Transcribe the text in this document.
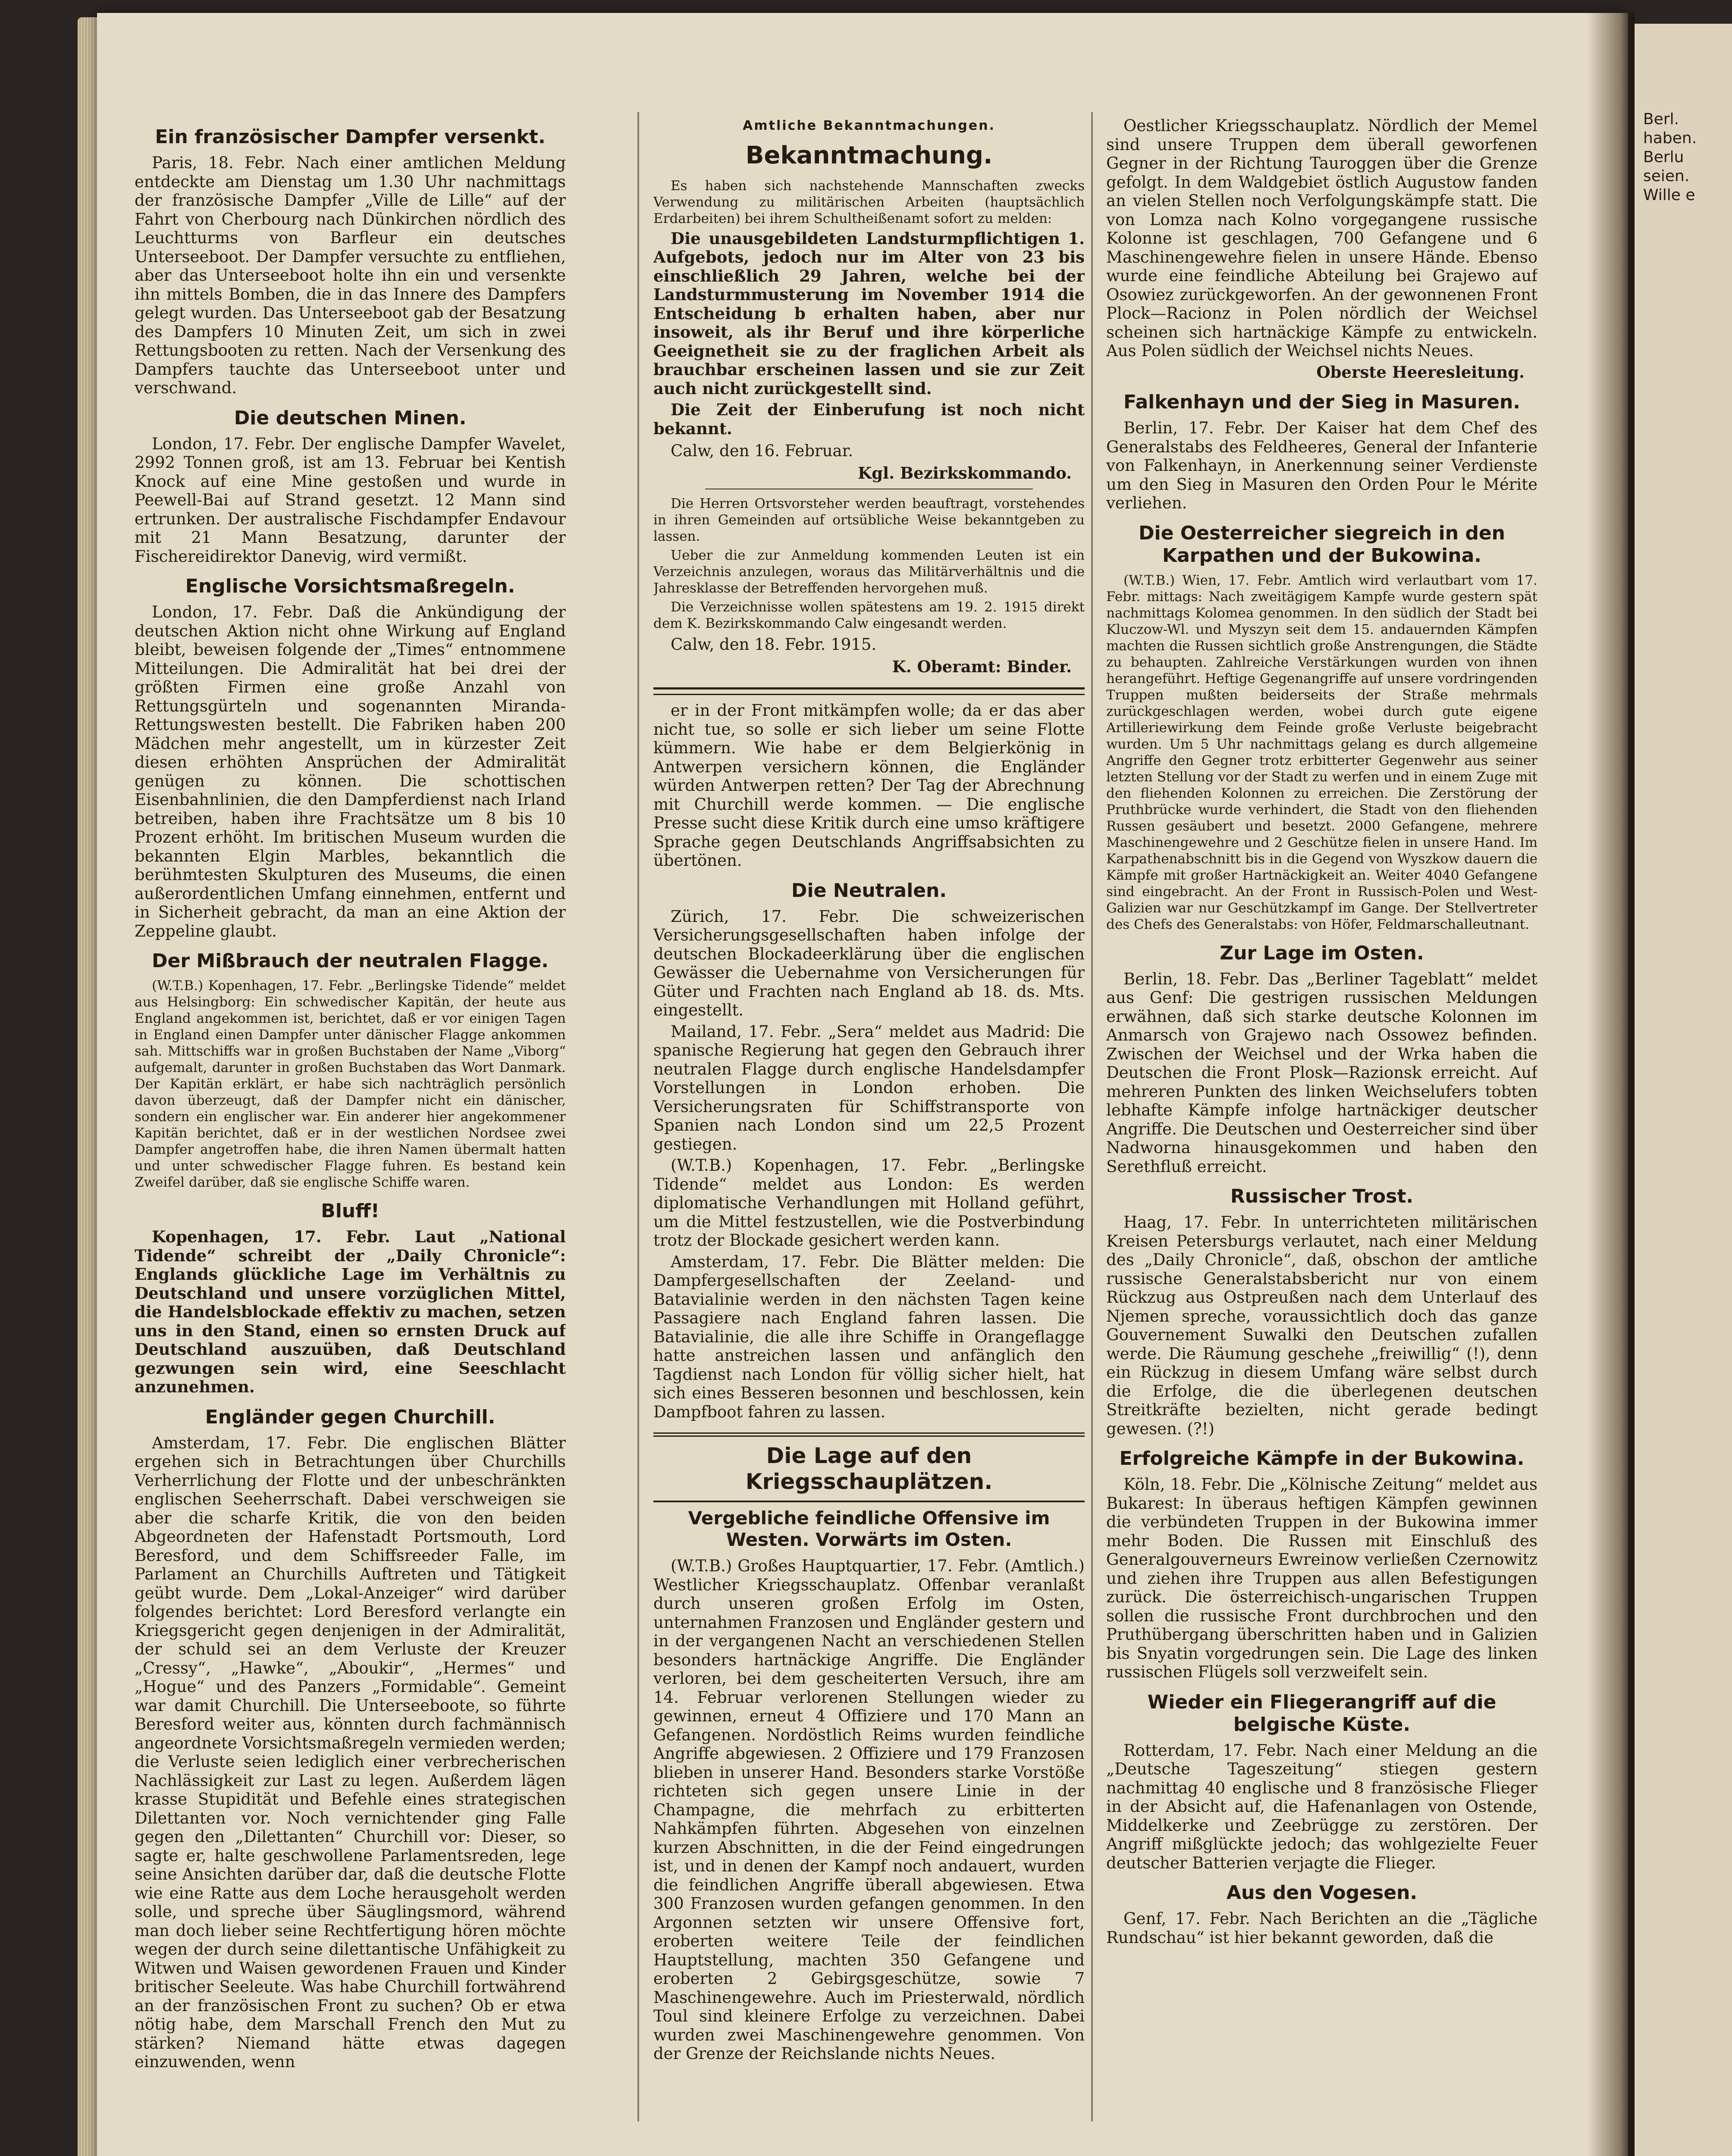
Berl.
haben.
Berlu
seien.
Wille e
Ein französischer Dampfer versenkt.

Paris, 18. Febr. Nach einer amtlichen Meldung entdeckte am Dienstag um 1.30 Uhr nachmittags der französische Dampfer „Ville de Lille“ auf der Fahrt von Cherbourg nach Dünkirchen nördlich des Leuchtturms von Barfleur ein deutsches Unterseeboot. Der Dampfer versuchte zu entfliehen, aber das Unterseeboot holte ihn ein und versenkte ihn mittels Bomben, die in das Innere des Dampfers gelegt wurden. Das Unterseeboot gab der Besatzung des Dampfers 10 Minuten Zeit, um sich in zwei Rettungsbooten zu retten. Nach der Versenkung des Dampfers tauchte das Unterseeboot unter und verschwand.

Die deutschen Minen.

London, 17. Febr. Der englische Dampfer Wavelet, 2992 Tonnen groß, ist am 13. Februar bei Kentish Knock auf eine Mine gestoßen und wurde in Peewell-Bai auf Strand gesetzt. 12 Mann sind ertrunken. Der australische Fischdampfer Endavour mit 21 Mann Besatzung, darunter der Fischereidirektor Danevig, wird vermißt.

Englische Vorsichtsmaßregeln.

London, 17. Febr. Daß die Ankündigung der deutschen Aktion nicht ohne Wirkung auf England bleibt, beweisen folgende der „Times“ entnommene Mitteilungen. Die Admiralität hat bei drei der größten Firmen eine große Anzahl von Rettungsgürteln und sogenannten Miranda-Rettungswesten bestellt. Die Fabriken haben 200 Mädchen mehr angestellt, um in kürzester Zeit diesen erhöhten Ansprüchen der Admiralität genügen zu können. Die schottischen Eisenbahnlinien, die den Dampferdienst nach Irland betreiben, haben ihre Frachtsätze um 8 bis 10 Prozent erhöht. Im britischen Museum wurden die bekannten Elgin Marbles, bekanntlich die berühmtesten Skulpturen des Museums, die einen außerordentlichen Umfang einnehmen, entfernt und in Sicherheit gebracht, da man an eine Aktion der Zeppeline glaubt.

Der Mißbrauch der neutralen Flagge.

(W.T.B.) Kopenhagen, 17. Febr. „Berlingske Tidende“ meldet aus Helsingborg: Ein schwedischer Kapitän, der heute aus England angekommen ist, berichtet, daß er vor einigen Tagen in England einen Dampfer unter dänischer Flagge ankommen sah. Mittschiffs war in großen Buchstaben der Name „Viborg“ aufgemalt, darunter in großen Buchstaben das Wort Danmark. Der Kapitän erklärt, er habe sich nachträglich persönlich davon überzeugt, daß der Dampfer nicht ein dänischer, sondern ein englischer war. Ein anderer hier angekommener Kapitän berichtet, daß er in der westlichen Nordsee zwei Dampfer angetroffen habe, die ihren Namen übermalt hatten und unter schwedischer Flagge fuhren. Es bestand kein Zweifel darüber, daß sie englische Schiffe waren.

Bluff!

Kopenhagen, 17. Febr. Laut „National Tidende“ schreibt der „Daily Chronicle“: Englands glückliche Lage im Verhältnis zu Deutschland und unsere vorzüglichen Mittel, die Handelsblockade effektiv zu machen, setzen uns in den Stand, einen so ernsten Druck auf Deutschland auszuüben, daß Deutschland gezwungen sein wird, eine Seeschlacht anzunehmen.

Engländer gegen Churchill.

Amsterdam, 17. Febr. Die englischen Blätter ergehen sich in Betrachtungen über Churchills Verherrlichung der Flotte und der unbeschränkten englischen Seeherrschaft. Dabei verschweigen sie aber die scharfe Kritik, die von den beiden Abgeordneten der Hafenstadt Portsmouth, Lord Beresford, und dem Schiffsreeder Falle, im Parlament an Churchills Auftreten und Tätigkeit geübt wurde. Dem „Lokal-Anzeiger“ wird darüber folgendes berichtet: Lord Beresford verlangte ein Kriegsgericht gegen denjenigen in der Admiralität, der schuld sei an dem Verluste der Kreuzer „Cressy“, „Hawke“, „Aboukir“, „Hermes“ und „Hogue“ und des Panzers „Formidable“. Gemeint war damit Churchill. Die Unterseeboote, so führte Beresford weiter aus, könnten durch fachmännisch angeordnete Vorsichtsmaßregeln vermieden werden; die Verluste seien lediglich einer verbrecherischen Nachlässigkeit zur Last zu legen. Außerdem lägen krasse Stupidität und Befehle eines strategischen Dilettanten vor. Noch vernichtender ging Falle gegen den „Dilettanten“ Churchill vor: Dieser, so sagte er, halte geschwollene Parlamentsreden, lege seine Ansichten darüber dar, daß die deutsche Flotte wie eine Ratte aus dem Loche herausgeholt werden solle, und spreche über Säuglingsmord, während man doch lieber seine Rechtfertigung hören möchte wegen der durch seine dilettantische Unfähigkeit zu Witwen und Waisen gewordenen Frauen und Kinder britischer Seeleute. Was habe Churchill fortwährend an der französischen Front zu suchen? Ob er etwa nötig habe, dem Marschall French den Mut zu stärken? Niemand hätte etwas dagegen einzuwenden, wenn

Amtliche Bekanntmachungen.
Bekanntmachung.

Es haben sich nachstehende Mannschaften zwecks Verwendung zu militärischen Arbeiten (hauptsächlich Erdarbeiten) bei ihrem Schultheißenamt sofort zu melden:

Die unausgebildeten Landsturmpflichtigen 1. Aufgebots, jedoch nur im Alter von 23 bis einschließlich 29 Jahren, welche bei der Landsturmmusterung im November 1914 die Entscheidung b erhalten haben, aber nur insoweit, als ihr Beruf und ihre körperliche Geeignetheit sie zu der fraglichen Arbeit als brauchbar erscheinen lassen und sie zur Zeit auch nicht zurückgestellt sind.

Die Zeit der Einberufung ist noch nicht bekannt.

Calw, den 16. Februar.
Kgl. Bezirkskommando.

Die Herren Ortsvorsteher werden beauftragt, vorstehendes in ihren Gemeinden auf ortsübliche Weise bekanntgeben zu lassen.

Ueber die zur Anmeldung kommenden Leuten ist ein Verzeichnis anzulegen, woraus das Militärverhältnis und die Jahresklasse der Betreffenden hervorgehen muß.

Die Verzeichnisse wollen spätestens am 19. 2. 1915 direkt dem K. Bezirkskommando Calw eingesandt werden.

Calw, den 18. Febr. 1915.
K. Oberamt: Binder.

er in der Front mitkämpfen wolle; da er das aber nicht tue, so solle er sich lieber um seine Flotte kümmern. Wie habe er dem Belgierkönig in Antwerpen versichern können, die Engländer würden Antwerpen retten? Der Tag der Abrechnung mit Churchill werde kommen. — Die englische Presse sucht diese Kritik durch eine umso kräftigere Sprache gegen Deutschlands Angriffsabsichten zu übertönen.

Die Neutralen.

Zürich, 17. Febr. Die schweizerischen Versicherungsgesellschaften haben infolge der deutschen Blockadeerklärung über die englischen Gewässer die Uebernahme von Versicherungen für Güter und Frachten nach England ab 18. ds. Mts. eingestellt.

Mailand, 17. Febr. „Sera“ meldet aus Madrid: Die spanische Regierung hat gegen den Gebrauch ihrer neutralen Flagge durch englische Handelsdampfer Vorstellungen in London erhoben. Die Versicherungsraten für Schiffstransporte von Spanien nach London sind um 22,5 Prozent gestiegen.

(W.T.B.) Kopenhagen, 17. Febr. „Berlingske Tidende“ meldet aus London: Es werden diplomatische Verhandlungen mit Holland geführt, um die Mittel festzustellen, wie die Postverbindung trotz der Blockade gesichert werden kann.

Amsterdam, 17. Febr. Die Blätter melden: Die Dampfergesellschaften der Zeeland- und Batavialinie werden in den nächsten Tagen keine Passagiere nach England fahren lassen. Die Batavialinie, die alle ihre Schiffe in Orangeflagge hatte anstreichen lassen und anfänglich den Tagdienst nach London für völlig sicher hielt, hat sich eines Besseren besonnen und beschlossen, kein Dampfboot fahren zu lassen.

Die Lage auf den Kriegsschauplätzen.
Vergebliche feindliche Offensive im Westen. Vorwärts im Osten.

(W.T.B.) Großes Hauptquartier, 17. Febr. (Amtlich.) Westlicher Kriegsschauplatz. Offenbar veranlaßt durch unseren großen Erfolg im Osten, unternahmen Franzosen und Engländer gestern und in der vergangenen Nacht an verschiedenen Stellen besonders hartnäckige Angriffe. Die Engländer verloren, bei dem gescheiterten Versuch, ihre am 14. Februar verlorenen Stellungen wieder zu gewinnen, erneut 4 Offiziere und 170 Mann an Gefangenen. Nordöstlich Reims wurden feindliche Angriffe abgewiesen. 2 Offiziere und 179 Franzosen blieben in unserer Hand. Besonders starke Vorstöße richteten sich gegen unsere Linie in der Champagne, die mehrfach zu erbitterten Nahkämpfen führten. Abgesehen von einzelnen kurzen Abschnitten, in die der Feind eingedrungen ist, und in denen der Kampf noch andauert, wurden die feindlichen Angriffe überall abgewiesen. Etwa 300 Franzosen wurden gefangen genommen. In den Argonnen setzten wir unsere Offensive fort, eroberten weitere Teile der feindlichen Hauptstellung, machten 350 Gefangene und eroberten 2 Gebirgsgeschütze, sowie 7 Maschinengewehre. Auch im Priesterwald, nördlich Toul sind kleinere Erfolge zu verzeichnen. Dabei wurden zwei Maschinengewehre genommen. Von der Grenze der Reichslande nichts Neues.

Oestlicher Kriegsschauplatz. Nördlich der Memel sind unsere Truppen dem überall geworfenen Gegner in der Richtung Tauroggen über die Grenze gefolgt. In dem Waldgebiet östlich Augustow fanden an vielen Stellen noch Verfolgungskämpfe statt. Die von Lomza nach Kolno vorgegangene russische Kolonne ist geschlagen, 700 Gefangene und 6 Maschinengewehre fielen in unsere Hände. Ebenso wurde eine feindliche Abteilung bei Grajewo auf Osowiez zurückgeworfen. An der gewonnenen Front Plock—Racionz in Polen nördlich der Weichsel scheinen sich hartnäckige Kämpfe zu entwickeln. Aus Polen südlich der Weichsel nichts Neues.

Oberste Heeresleitung.
Falkenhayn und der Sieg in Masuren.

Berlin, 17. Febr. Der Kaiser hat dem Chef des Generalstabs des Feldheeres, General der Infanterie von Falkenhayn, in Anerkennung seiner Verdienste um den Sieg in Masuren den Orden Pour le Mérite verliehen.

Die Oesterreicher siegreich in den Karpathen und der Bukowina.

(W.T.B.) Wien, 17. Febr. Amtlich wird verlautbart vom 17. Febr. mittags: Nach zweitägigem Kampfe wurde gestern spät nachmittags Kolomea genommen. In den südlich der Stadt bei Kluczow-Wl. und Myszyn seit dem 15. andauernden Kämpfen machten die Russen sichtlich große Anstrengungen, die Städte zu behaupten. Zahlreiche Verstärkungen wurden von ihnen herangeführt. Heftige Gegenangriffe auf unsere vordringenden Truppen mußten beiderseits der Straße mehrmals zurückgeschlagen werden, wobei durch gute eigene Artilleriewirkung dem Feinde große Verluste beigebracht wurden. Um 5 Uhr nachmittags gelang es durch allgemeine Angriffe den Gegner trotz erbitterter Gegenwehr aus seiner letzten Stellung vor der Stadt zu werfen und in einem Zuge mit den fliehenden Kolonnen zu erreichen. Die Zerstörung der Pruthbrücke wurde verhindert, die Stadt von den fliehenden Russen gesäubert und besetzt. 2000 Gefangene, mehrere Maschinengewehre und 2 Geschütze fielen in unsere Hand. Im Karpathenabschnitt bis in die Gegend von Wyszkow dauern die Kämpfe mit großer Hartnäckigkeit an. Weiter 4040 Gefangene sind eingebracht. An der Front in Russisch-Polen und West-Galizien war nur Geschützkampf im Gange. Der Stellvertreter des Chefs des Generalstabs: von Höfer, Feldmarschalleutnant.

Zur Lage im Osten.

Berlin, 18. Febr. Das „Berliner Tageblatt“ meldet aus Genf: Die gestrigen russischen Meldungen erwähnen, daß sich starke deutsche Kolonnen im Anmarsch von Grajewo nach Ossowez befinden. Zwischen der Weichsel und der Wrka haben die Deutschen die Front Plosk—Razionsk erreicht. Auf mehreren Punkten des linken Weichselufers tobten lebhafte Kämpfe infolge hartnäckiger deutscher Angriffe. Die Deutschen und Oesterreicher sind über Nadworna hinausgekommen und haben den Serethfluß erreicht.

Russischer Trost.

Haag, 17. Febr. In unterrichteten militärischen Kreisen Petersburgs verlautet, nach einer Meldung des „Daily Chronicle“, daß, obschon der amtliche russische Generalstabsbericht nur von einem Rückzug aus Ostpreußen nach dem Unterlauf des Njemen spreche, voraussichtlich doch das ganze Gouvernement Suwalki den Deutschen zufallen werde. Die Räumung geschehe „freiwillig“ (!), denn ein Rückzug in diesem Umfang wäre selbst durch die Erfolge, die die überlegenen deutschen Streitkräfte bezielten, nicht gerade bedingt gewesen. (?!)

Erfolgreiche Kämpfe in der Bukowina.

Köln, 18. Febr. Die „Kölnische Zeitung“ meldet aus Bukarest: In überaus heftigen Kämpfen gewinnen die verbündeten Truppen in der Bukowina immer mehr Boden. Die Russen mit Einschluß des Generalgouverneurs Ewreinow verließen Czernowitz und ziehen ihre Truppen aus allen Befestigungen zurück. Die österreichisch-ungarischen Truppen sollen die russische Front durchbrochen und den Pruthübergang überschritten haben und in Galizien bis Snyatin vorgedrungen sein. Die Lage des linken russischen Flügels soll verzweifelt sein.

Wieder ein Fliegerangriff auf die belgische Küste.

Rotterdam, 17. Febr. Nach einer Meldung an die „Deutsche Tageszeitung“ stiegen gestern nachmittag 40 englische und 8 französische Flieger in der Absicht auf, die Hafenanlagen von Ostende, Middelkerke und Zeebrügge zu zerstören. Der Angriff mißglückte jedoch; das wohlgezielte Feuer deutscher Batterien verjagte die Flieger.

Aus den Vogesen.

Genf, 17. Febr. Nach Berichten an die „Tägliche Rundschau“ ist hier bekannt geworden, daß die
